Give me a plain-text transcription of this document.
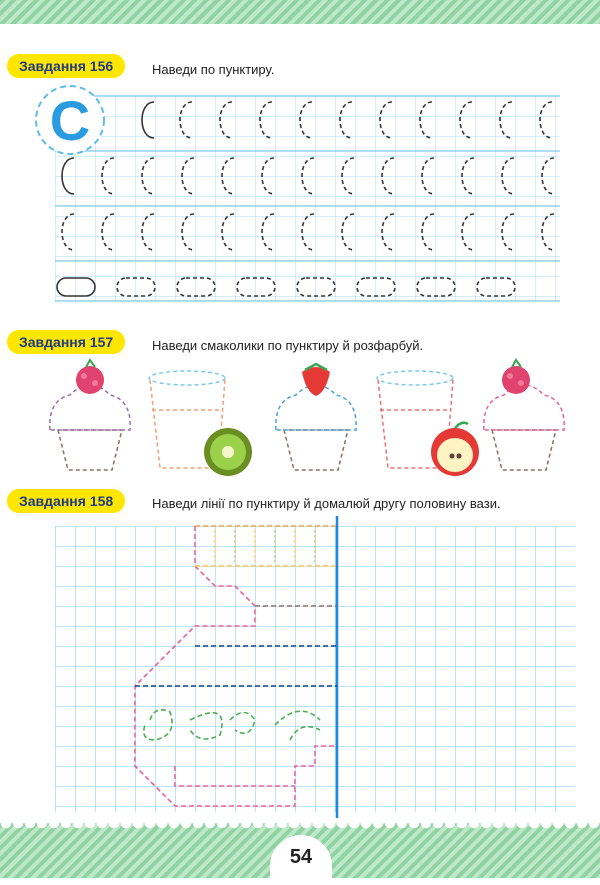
Завдання 156	Наведи по пунктиру.
Завдання 157	Наведи смаколики по пунктиру й розфарбуй.
Завдання 158	Наведи лінії по пунктиру й домалюй другу половину вази.
C
54
